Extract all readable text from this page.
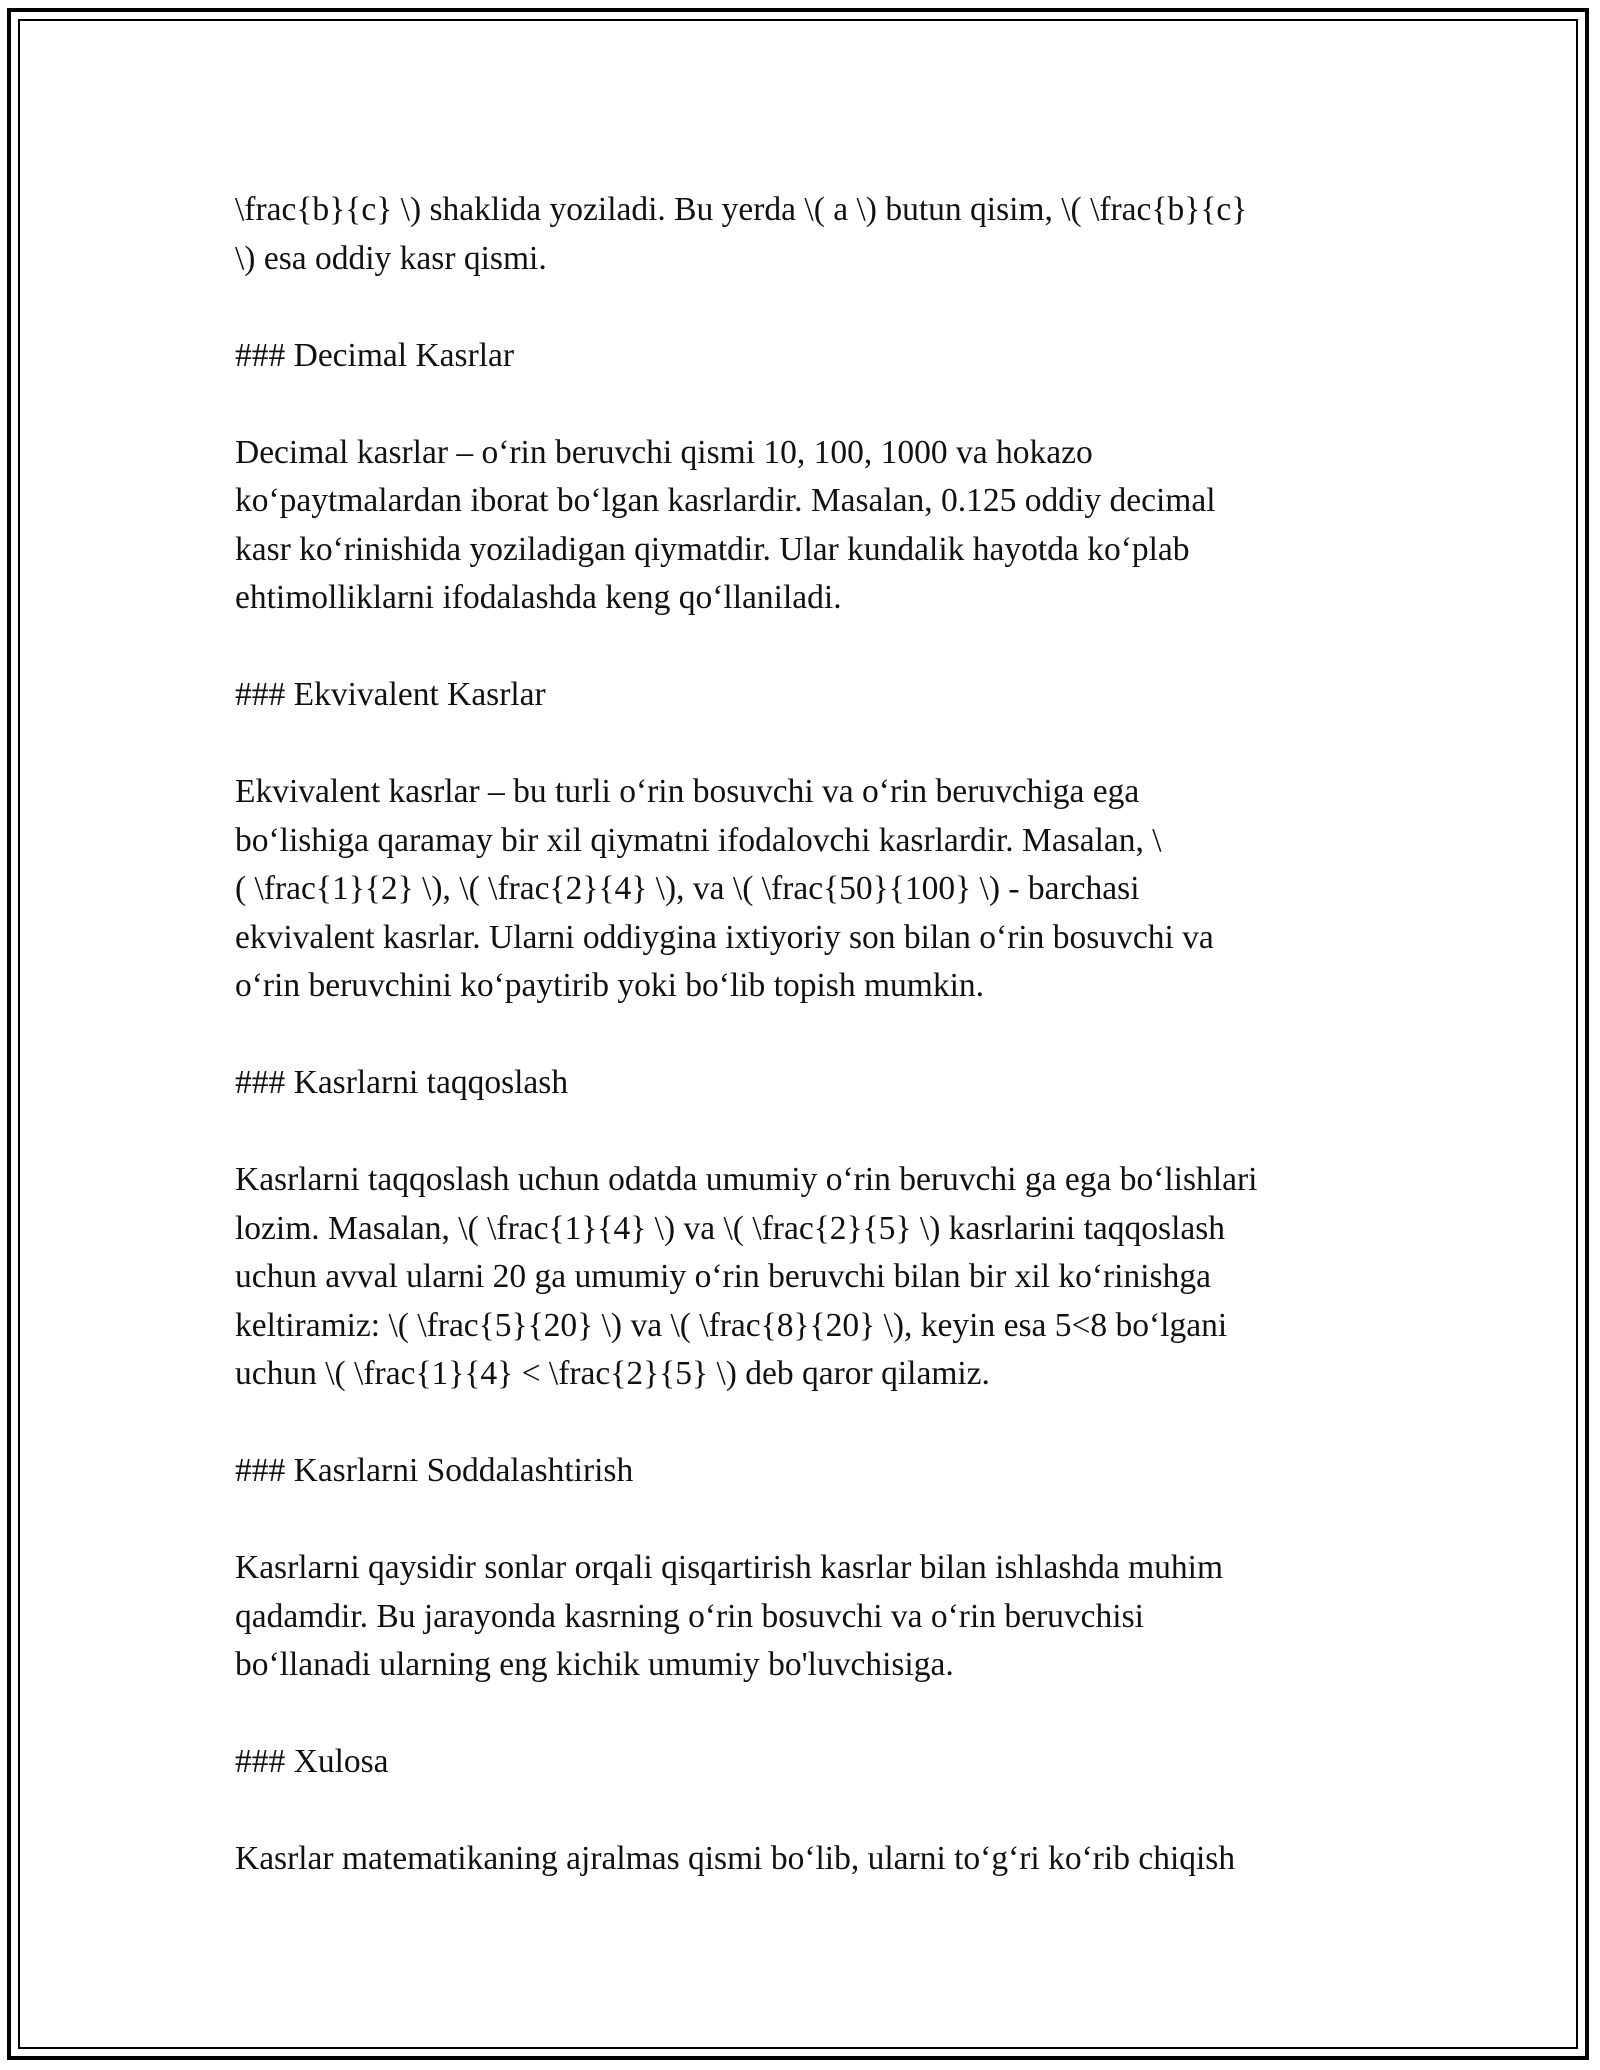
\frac{b}{c} \) shaklida yoziladi. Bu yerda \( a \) butun qisim, \( \frac{b}{c}
\) esa oddiy kasr qismi.

### Decimal Kasrlar

Decimal kasrlar – o‘rin beruvchi qismi 10, 100, 1000 va hokazo
ko‘paytmalardan iborat bo‘lgan kasrlardir. Masalan, 0.125 oddiy decimal
kasr ko‘rinishida yoziladigan qiymatdir. Ular kundalik hayotda ko‘plab
ehtimolliklarni ifodalashda keng qo‘llaniladi.

### Ekvivalent Kasrlar

Ekvivalent kasrlar – bu turli o‘rin bosuvchi va o‘rin beruvchiga ega
bo‘lishiga qaramay bir xil qiymatni ifodalovchi kasrlardir. Masalan, \
( \frac{1}{2} \), \( \frac{2}{4} \), va \( \frac{50}{100} \) - barchasi
ekvivalent kasrlar. Ularni oddiygina ixtiyoriy son bilan o‘rin bosuvchi va
o‘rin beruvchini ko‘paytirib yoki bo‘lib topish mumkin.

### Kasrlarni taqqoslash

Kasrlarni taqqoslash uchun odatda umumiy o‘rin beruvchi ga ega bo‘lishlari
lozim. Masalan, \( \frac{1}{4} \) va \( \frac{2}{5} \) kasrlarini taqqoslash
uchun avval ularni 20 ga umumiy o‘rin beruvchi bilan bir xil ko‘rinishga
keltiramiz: \( \frac{5}{20} \) va \( \frac{8}{20} \), keyin esa 5<8 bo‘lgani
uchun \( \frac{1}{4} < \frac{2}{5} \) deb qaror qilamiz.

### Kasrlarni Soddalashtirish

Kasrlarni qaysidir sonlar orqali qisqartirish kasrlar bilan ishlashda muhim
qadamdir. Bu jarayonda kasrning o‘rin bosuvchi va o‘rin beruvchisi
bo‘llanadi ularning eng kichik umumiy bo'luvchisiga.

### Xulosa

Kasrlar matematikaning ajralmas qismi bo‘lib, ularni to‘g‘ri ko‘rib chiqish
